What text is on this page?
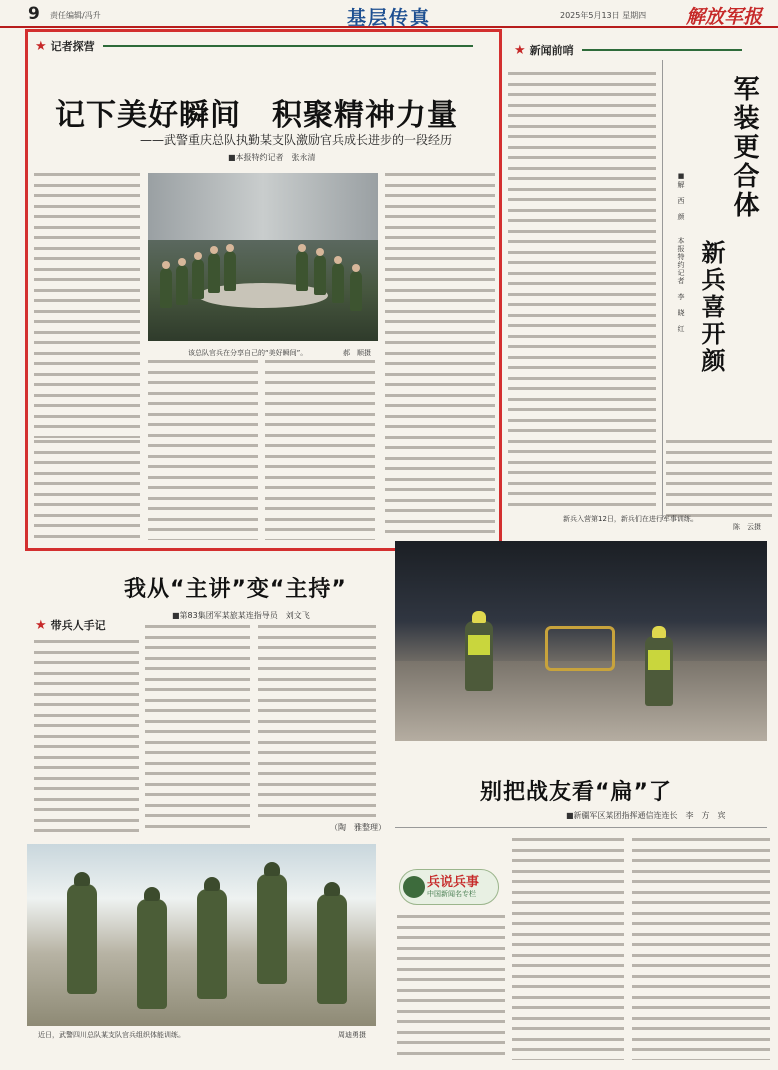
9 责任编辑/冯升	基层传真	2025年5月13日 星期四 解放军报
★ 记者探营
记下美好瞬间　积聚精神力量
——武警重庆总队执勤某支队激励官兵成长进步的一段经历
■本报特约记者　张永清
该总队官兵在分享自己的“美好瞬间”。	郝　顺摄
★ 新闻前哨
军装更合体
新兵喜开颜
■解　西　颜　　本报特约记者　李　晓　红
新兵入营第12日，新兵们在进行军事训练。
陈　云摄
我从“主讲”变“主持”
■第83集团军某旅某连指导员　刘文飞
★ 带兵人手记
（陶　雅整理）
别把战友看“扁”了
■新疆军区某团指挥通信连连长　李　方　宾
近日，武警四川总队某支队官兵组织体能训练。	周迪勇摄
兵说兵事
中国新闻名专栏
